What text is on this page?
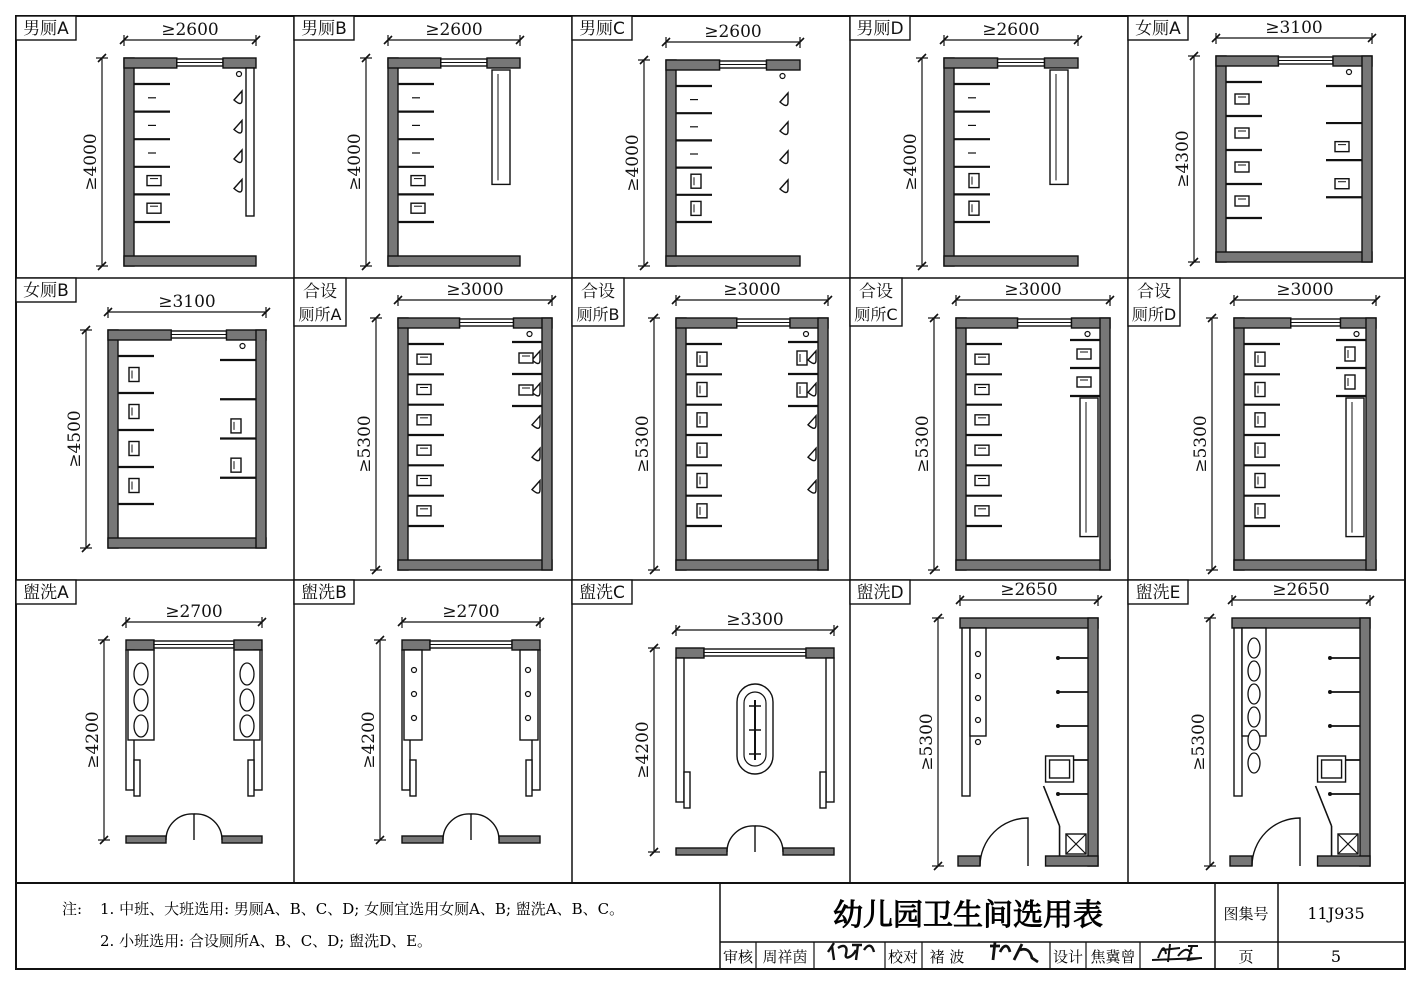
男厕A	≥2600
≥4000
男厕B	≥2600
≥4000
男厕C	≥2600
≥4000
男厕D	≥2600
≥4000
女厕A	≥3100
≥4300
女厕B
≥3100
≥4500
合设
厕所A
≥3000
≥5300
合设
厕所B
≥3000
≥5300
合设
厕所C
≥3000
≥5300
合设
厕所D
≥3000
≥5300
盥洗A
≥2700
≥4200
盥洗B
≥2700
≥4200
盥洗C
≥3300
≥4200
盥洗D	≥2650
≥5300
盥洗E	≥2650
≥5300
注: 1. 中班、大班选用: 男厕A、B、C、D; 女厕宜选用女厕A、B; 盥洗A、B、C。
2. 小班选用: 合设厕所A、B、C、D; 盥洗D、E。
幼儿园卫生间选用表	图集号 11J935
页	5
审核 周祥茵	校对 褚 波	设计 焦冀曾
